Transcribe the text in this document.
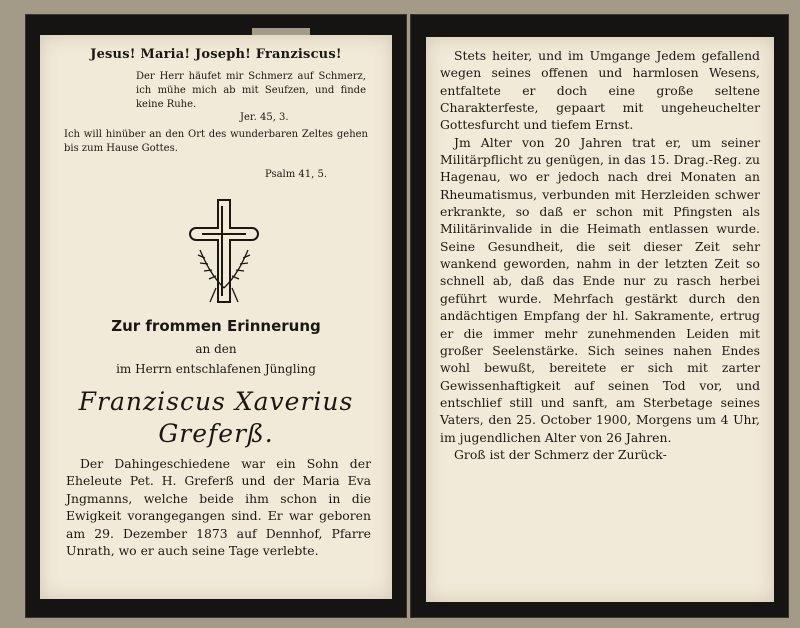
Jesus! Maria! Joseph! Franziscus!
Der Herr häufet mir Schmerz auf Schmerz, ich mühe mich ab mit Seufzen, und finde keine Ruhe.
Jer. 45, 3.
Ich will hinüber an den Ort des wunderbaren Zeltes gehen bis zum Hause Gottes.
Psalm 41, 5.
Zur frommen Erinnerung
an den
im Herrn entschlafenen Jüngling
Franziscus Xaverius
Greferß.

Der Dahingeschiedene war ein Sohn der Eheleute Pet. H. Greferß und der Maria Eva Jngmanns, welche beide ihm schon in die Ewigkeit vorangegangen sind. Er war geboren am 29. Dezember 1873 auf Dennhof, Pfarre Unrath, wo er auch seine Tage verlebte.

Stets heiter, und im Umgange Jedem gefallend wegen seines offenen und harmlosen Wesens, entfaltete er doch eine große seltene Charakterfeste, gepaart mit ungeheuchelter Gottesfurcht und tiefem Ernst.

Jm Alter von 20 Jahren trat er, um seiner Militärpflicht zu genügen, in das 15. Drag.-Reg. zu Hagenau, wo er jedoch nach drei Monaten an Rheumatismus, verbunden mit Herzleiden schwer erkrankte, so daß er schon mit Pfingsten als Militärinvalide in die Heimath entlassen wurde. Seine Gesundheit, die seit dieser Zeit sehr wankend geworden, nahm in der letzten Zeit so schnell ab, daß das Ende nur zu rasch herbei geführt wurde. Mehrfach gestärkt durch den andächtigen Empfang der hl. Sakramente, ertrug er die immer mehr zunehmenden Leiden mit großer Seelenstärke. Sich seines nahen Endes wohl bewußt, bereitete er sich mit zarter Gewissenhaftigkeit auf seinen Tod vor, und entschlief still und sanft, am Sterbetage seines Vaters, den 25. October 1900, Morgens um 4 Uhr, im jugendlichen Alter von 26 Jahren.

Groß ist der Schmerz der Zurück-
